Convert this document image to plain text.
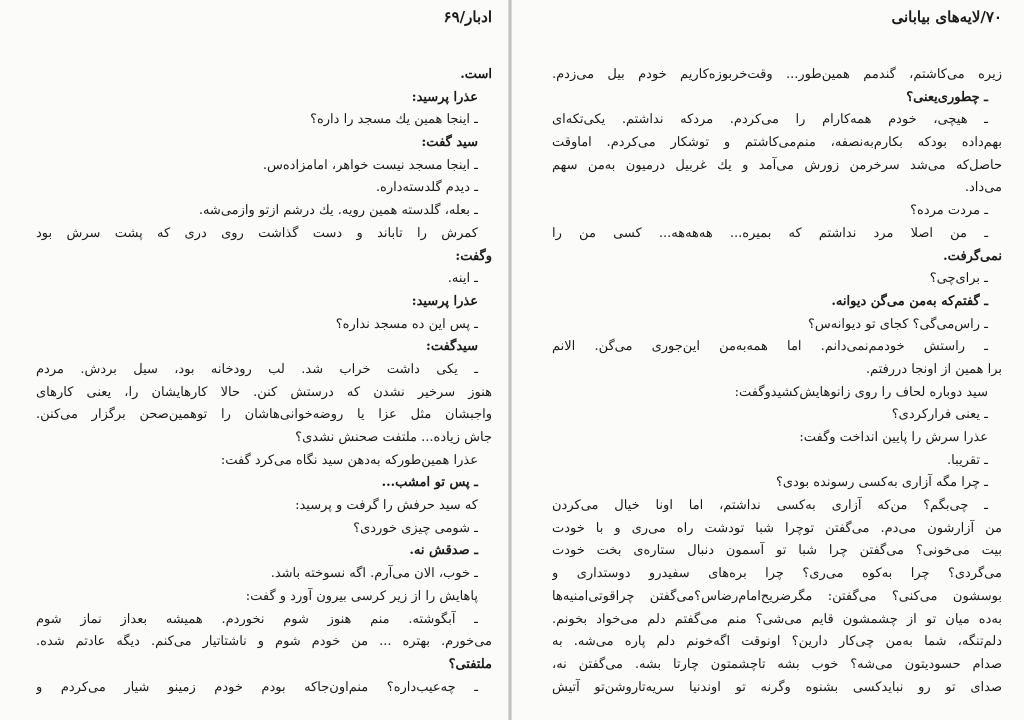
ادبار/۶۹
است.
عذرا پرسید:
ـ اینجا همین یك مسجد را داره؟
سید گفت:
ـ اینجا مسجد نیست خواهر، امامزاده‌س.
ـ دیدم گلدسته‌داره.
ـ بعله، گلدسته همین رویه. یك درشم ازتو وازمی‌شه.
کمرش را تاباند و دست گذاشت روی دری که پشت سرش بود
وگفت:
ـ اینه.
عذرا پرسید:
ـ پس این ده مسجد نداره؟
سیدگفت:
ـ یکی داشت خراب شد. لب رودخانه بود، سیل بردش. مردم
هنوز سرخیر نشدن که درستش کنن. حالا کارهایشان را، یعنی کارهای
واجبشان مثل عزا یا روضه‌خوانی‌هاشان را توهمین‌صحن برگزار می‌کنن.
جاش زیاده... ملتفت صحنش نشدی؟
عذرا همین‌طورکه به‌دهن سید نگاه می‌کرد گفت:
ـ پس تو امشب...
که سید حرفش را گرفت و پرسید:
ـ شومی چیزی خوردی؟
ـ صدقش نه.
ـ خوب، الان می‌آرم. اگه نسوخته باشد.
پاهایش را از زیر کرسی بیرون آورد و گفت:
ـ آبگوشته. منم هنوز شوم نخوردم. همیشه بعداز نماز شوم
می‌خورم. بهتره ... من خودم شوم و ناشتاتیار می‌کنم. دیگه عادتم شده.
ملتفتی؟
ـ چه‌عیب‌داره؟ منم‌اون‌جاکه بودم خودم زمینو شیار می‌کردم و
۷۰/لایه‌های بیابانی
زیره می‌کاشتم، گندمم همین‌طور... وقت‌خربوزه‌کاریم خودم بیل می‌زدم.
ـ چطوری‌یعنی؟
ـ هیچی، خودم همه‌کارام را می‌کردم. مردکه نداشتم. یکی‌تکه‌ای
بهم‌داده بودکه بکارم‌به‌نصفه، منم‌می‌کاشتم و توشکار می‌کردم. اماوقت
حاصل‌که می‌شد سرخرمن زورش می‌آمد و یك غربیل درمیون به‌من سهم
می‌داد.
ـ مردت مرده؟
ـ من اصلا مرد نداشتم که بمیره... هه‌هه‌هه... کسی من را
نمی‌گرفت.
ـ برای‌چی؟
ـ گفتم‌که به‌من می‌گن دیوانه.
ـ راس‌می‌گی؟ کجای تو دیوانه‌س؟
ـ راستش خودمم‌نمی‌دانم. اما همه‌به‌من این‌جوری می‌گن. الانم
برا همین از اونجا دررفتم.
سید دوباره لحاف را روی زانوهایش‌کشیدوگفت:
ـ یعنی فرارکردی؟
عذرا سرش را پایین انداخت وگفت:
ـ تقریبا.
ـ چرا مگه آزاری به‌کسی رسونده بودی؟
ـ چی‌بگم؟ من‌که آزاری به‌کسی نداشتم، اما اونا خیال می‌کردن
من آزارشون می‌دم. می‌گفتن توچرا شبا تودشت راه می‌ری و با خودت
بیت می‌خونی؟ می‌گفتن چرا شبا تو آسمون دنبال ستاره‌ی بخت خودت
می‌گردی؟ چرا به‌کوه می‌ری؟ چرا بره‌های سفیدرو دوستداری و
بوسشون می‌کنی؟ می‌گفتن: مگرضریح‌امام‌رضاس؟می‌گفتن چراقوتی‌امنیه‌ها
به‌ده میان تو از چشمشون قایم می‌شی؟ منم می‌گفتم دلم می‌خواد بخونم.
دلم‌تنگه، شما به‌من چی‌کار دارین؟ اونوقت اگه‌خونم دلم پاره می‌شه. به
صدام حسودیتون می‌شه؟ خوب بشه تاچشمتون چارتا بشه. می‌گفتن نه،
صدای تو رو نبایدکسی بشنوه وگرنه تو اوندنیا سریه‌تاروشن‌تو آتیش
